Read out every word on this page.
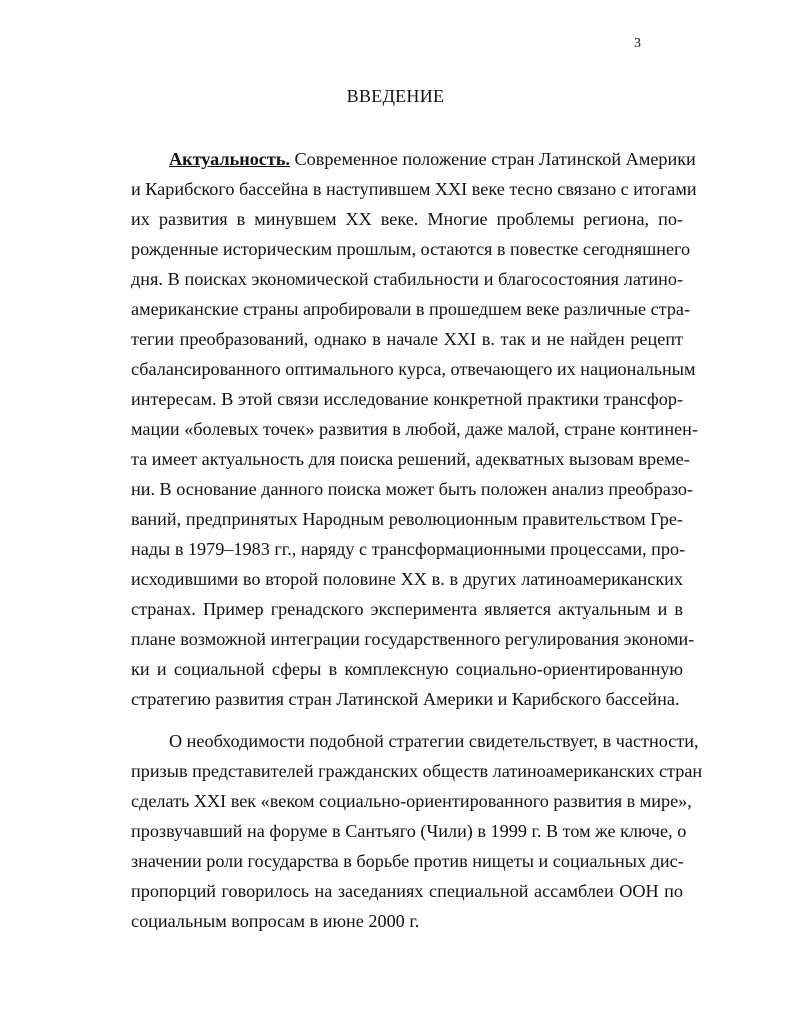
3
ВВЕДЕНИЕ
Актуальность. Современное положение стран Латинской Америки
и Карибского бассейна в наступившем XXI веке тесно связано с итогами
их развития в минувшем XX веке. Многие проблемы региона, по-
рожденные историческим прошлым, остаются в повестке сегодняшнего
дня. В поисках экономической стабильности и благосостояния латино-
американские страны апробировали в прошедшем веке различные стра-
тегии преобразований, однако в начале XXI в. так и не найден рецепт
сбалансированного оптимального курса, отвечающего их национальным
интересам. В этой связи исследование конкретной практики трансфор-
мации «болевых точек» развития в любой, даже малой, стране континен-
та имеет актуальность для поиска решений, адекватных вызовам време-
ни. В основание данного поиска может быть положен анализ преобразо-
ваний, предпринятых Народным революционным правительством Гре-
нады в 1979–1983 гг., наряду с трансформационными процессами, про-
исходившими во второй половине XX в. в других латиноамериканских
странах. Пример гренадского эксперимента является актуальным и в
плане возможной интеграции государственного регулирования экономи-
ки и социальной сферы в комплексную социально-ориентированную
стратегию развития стран Латинской Америки и Карибского бассейна.
О необходимости подобной стратегии свидетельствует, в частности,
призыв представителей гражданских обществ латиноамериканских стран
сделать XXI век «веком социально-ориентированного развития в мире»,
прозвучавший на форуме в Сантьяго (Чили) в 1999 г. В том же ключе, о
значении роли государства в борьбе против нищеты и социальных дис-
пропорций говорилось на заседаниях специальной ассамблеи ООН по
социальным вопросам в июне 2000 г.
